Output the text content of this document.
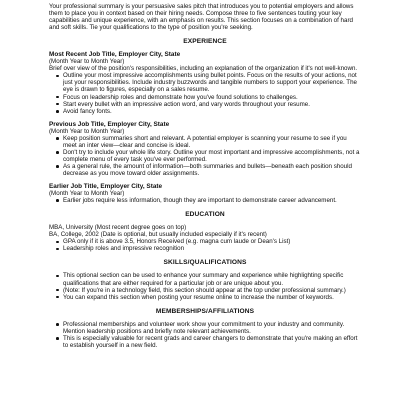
Your professional summary is your persuasive sales pitch that introduces you to potential employers and allows them to place you in context based on their hiring needs. Compose three to five sentences touting your key capabilities and unique experience, with an emphasis on results. This section focuses on a combination of hard and soft skills. Tie your qualifications to the type of position you're seeking.

EXPERIENCE
Most Recent Job Title, Employer City, State
(Month Year to Month Year)
Brief over view of the position's responsibilities, including an explanation of the organization if it's not well-known.
Outline your most impressive accomplishments using bullet points. Focus on the results of your actions, not just your responsibilities. Include industry buzzwords and tangible numbers to support your experience. The eye is drawn to figures, especially on a sales resume.
Focus on leadership roles and demonstrate how you've found solutions to challenges.
Start every bullet with an impressive action word, and vary words throughout your resume.
Avoid fancy fonts.
Previous Job Title, Employer City, State
(Month Year to Month Year)
Keep position summaries short and relevant. A potential employer is scanning your resume to see if you meet an inter view—clear and concise is ideal.
Don't try to include your whole life story. Outline your most important and impressive accomplishments, not a complete menu of every task you've ever performed.
As a general rule, the amount of information—both summaries and bullets—beneath each position should decrease as you move toward older assignments.
Earlier Job Title, Employer City, State
(Month Year to Month Year)
Earlier jobs require less information, though they are important to demonstrate career advancement.
EDUCATION
MBA, University (Most recent degree goes on top)
BA, College, 2002 (Date is optional, but usually included especially if it's recent)
GPA only if it is above 3.5, Honors Received (e.g. magna cum laude or Dean's List)
Leadership roles and impressive recognition
SKILLS/QUALIFICATIONS
This optional section can be used to enhance your summary and experience while highlighting specific qualifications that are either required for a particular job or are unique about you.
(Note: If you're in a technology field, this section should appear at the top under professional summary.)
You can expand this section when posting your resume online to increase the number of keywords.
MEMBERSHIPS/AFFILIATIONS
Professional memberships and volunteer work show your commitment to your industry and community. Mention leadership positions and briefly note relevant achievements.
This is especially valuable for recent grads and career changers to demonstrate that you're making an effort to establish yourself in a new field.
